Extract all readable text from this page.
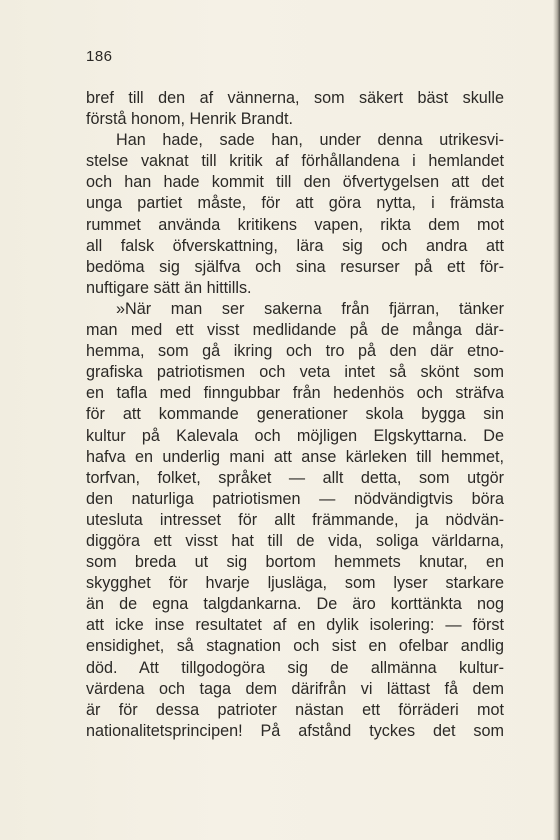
186
bref till den af vännerna, som säkert bäst skulle
förstå honom, Henrik Brandt.
Han hade, sade han, under denna utrikesvi-
stelse vaknat till kritik af förhållandena i hemlandet
och han hade kommit till den öfvertygelsen att det
unga partiet måste, för att göra nytta, i främsta
rummet använda kritikens vapen, rikta dem mot
all falsk öfverskattning, lära sig och andra att
bedöma sig själfva och sina resurser på ett för-
nuftigare sätt än hittills.
»När man ser sakerna från fjärran, tänker
man med ett visst medlidande på de många där-
hemma, som gå ikring och tro på den där etno-
grafiska patriotismen och veta intet så skönt som
en tafla med finngubbar från hedenhös och sträfva
för att kommande generationer skola bygga sin
kultur på Kalevala och möjligen Elgskyttarna. De
hafva en underlig mani att anse kärleken till hemmet,
torfvan, folket, språket — allt detta, som utgör
den naturliga patriotismen — nödvändigtvis böra
utesluta intresset för allt främmande, ja nödvän-
diggöra ett visst hat till de vida, soliga världarna,
som breda ut sig bortom hemmets knutar, en
skygghet för hvarje ljusläga, som lyser starkare
än de egna talgdankarna. De äro korttänkta nog
att icke inse resultatet af en dylik isolering: — först
ensidighet, så stagnation och sist en ofelbar andlig
död. Att tillgodogöra sig de allmänna kultur-
värdena och taga dem därifrån vi lättast få dem
är för dessa patrioter nästan ett förräderi mot
nationalitetsprincipen! På afstånd tyckes det som
